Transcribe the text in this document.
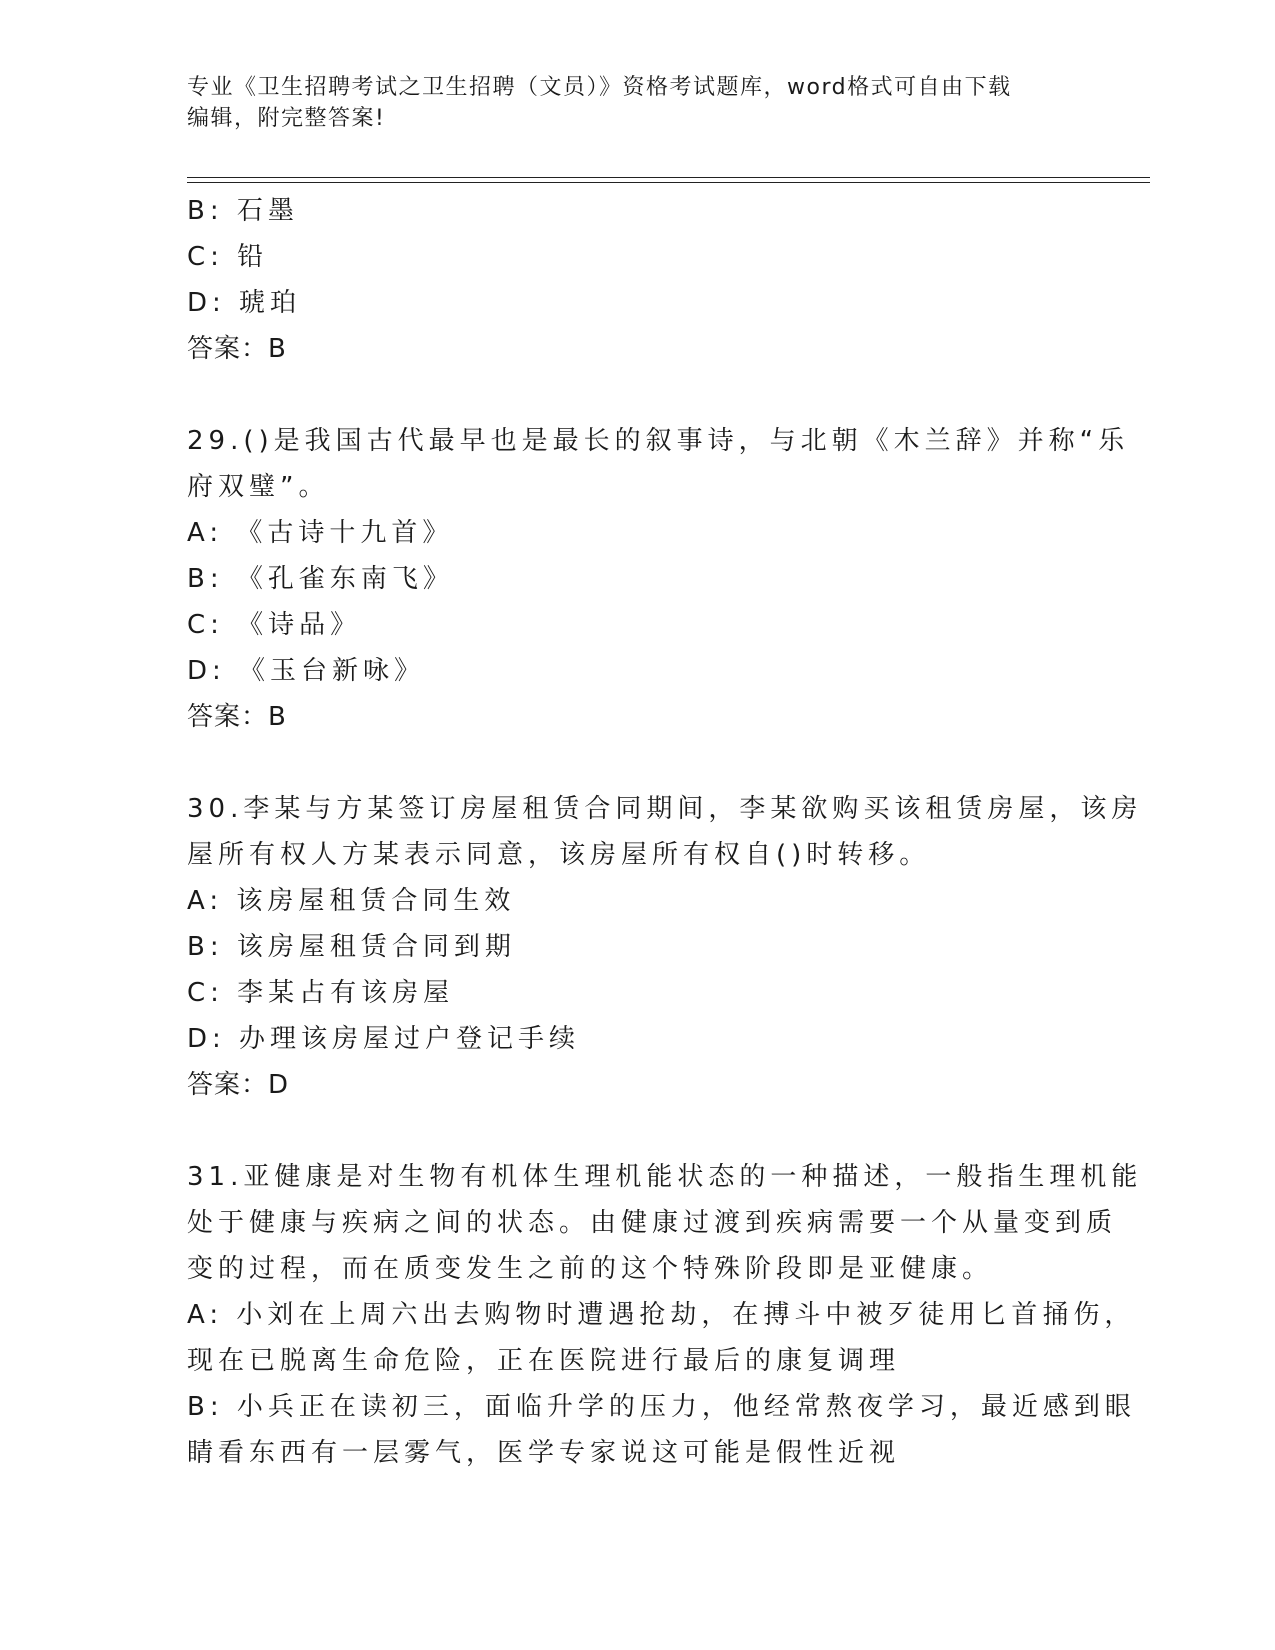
专业《卫生招聘考试之卫生招聘（文员）》资格考试题库，word格式可自由下载
编辑，附完整答案!
B: 石墨
C: 铅
D: 琥珀
答案：B
29.()是我国古代最早也是最长的叙事诗，与北朝《木兰辞》并称“乐
府双璧”。
A: 《古诗十九首》
B: 《孔雀东南飞》
C: 《诗品》
D: 《玉台新咏》
答案：B
30.李某与方某签订房屋租赁合同期间，李某欲购买该租赁房屋，该房
屋所有权人方某表示同意，该房屋所有权自()时转移。
A: 该房屋租赁合同生效
B: 该房屋租赁合同到期
C: 李某占有该房屋
D: 办理该房屋过户登记手续
答案：D
31.亚健康是对生物有机体生理机能状态的一种描述，一般指生理机能
处于健康与疾病之间的状态。由健康过渡到疾病需要一个从量变到质
变的过程，而在质变发生之前的这个特殊阶段即是亚健康。
A: 小刘在上周六出去购物时遭遇抢劫，在搏斗中被歹徒用匕首捅伤，
现在已脱离生命危险，正在医院进行最后的康复调理
B: 小兵正在读初三，面临升学的压力，他经常熬夜学习，最近感到眼
睛看东西有一层雾气，医学专家说这可能是假性近视
